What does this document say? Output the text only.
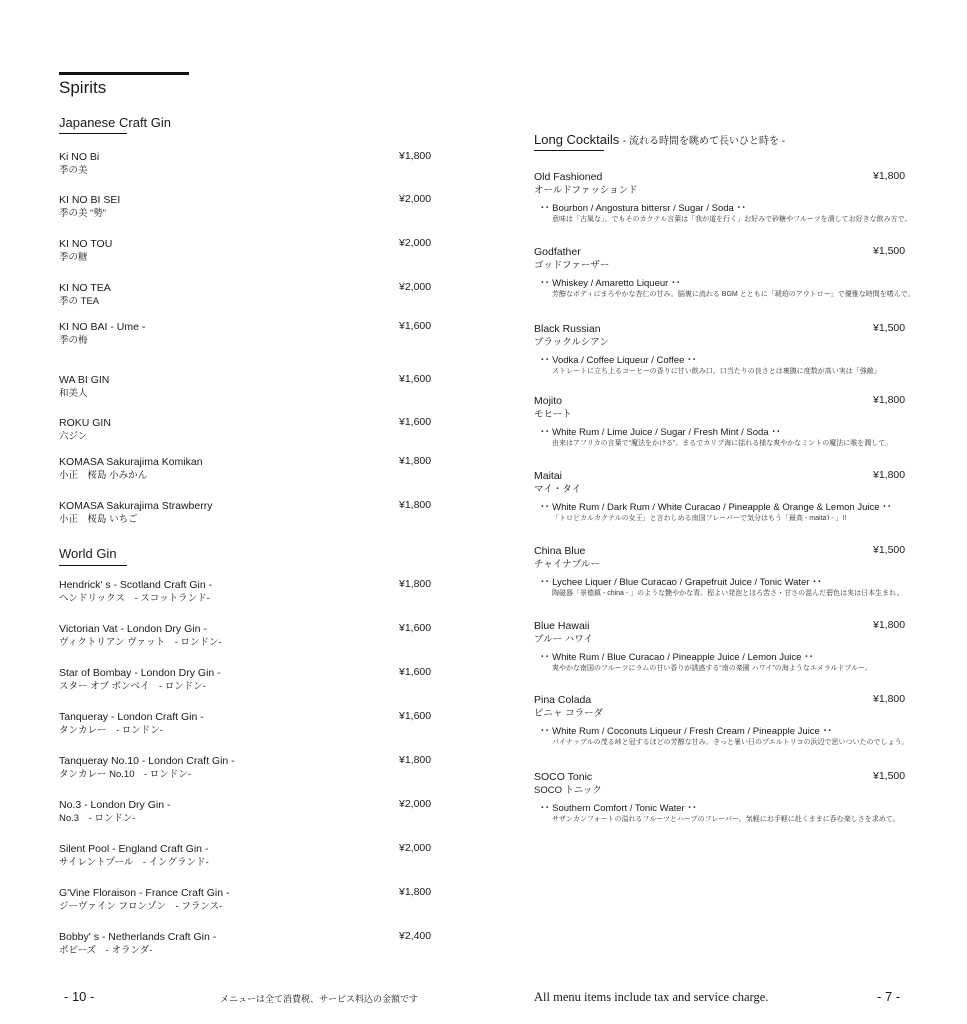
Spirits
Japanese Craft Gin
Ki NO Bi
季の美
¥1,800
KI NO BI SEI
季の美 “勢”
¥2,000
KI NO TOU
季の糖
¥2,000
KI NO TEA
季の TEA
¥2,000
KI NO BAI - Ume -
季の梅
¥1,600
WA BI GIN
和美人
¥1,600
ROKU GIN
六ジン
¥1,600
KOMASA Sakurajima Komikan
小正　桜島 小みかん
¥1,800
KOMASA Sakurajima Strawberry
小正　桜島 いちご
¥1,800
World Gin
Hendrick' s - Scotland Craft Gin -
ヘンドリックス　- スコットランド-
¥1,800
Victorian Vat - London Dry Gin -
ヴィクトリアン ヴァット　- ロンドン-
¥1,600
Star of Bombay - London Dry Gin -
スター オブ ボンベイ　- ロンドン-
¥1,600
Tanqueray - London Craft Gin -
タンカレー　- ロンドン-
¥1,600
Tanqueray No.10 - London Craft Gin -
タンカレー No.10　- ロンドン-
¥1,800
No.3 - London Dry Gin -
No.3　- ロンドン-
¥2,000
Silent Pool - England Craft Gin -
サイレントプール　- イングランド-
¥2,000
G'Vine Floraison - France Craft Gin -
ジーヴァイン フロンゾン　- フランス-
¥1,800
Bobby' s - Netherlands Craft Gin -
ボビーズ　- オランダ-
¥2,400
- 10 -	メニューは全て消費税、サービス料込の金額です
Long Cocktails - 流れる時間を眺めて長いひと時を -
Old Fashioned	¥1,800
オールドファッションド
･･ Bourbon / Angostura bittersr / Sugar / Soda ･･
意味は「古風な」。でもそのカクテル言葉は「我が道を行く」お好みで砂糖やフルーツを潰してお好きな飲み方で。
Godfather	¥1,500
ゴッドファーザー
･･ Whiskey / Amaretto Liqueur ･･
芳醇なボディにまろやかな杏仁の甘み。脳裏に流れる BGM とともに「琥珀のアウトロー」で優雅な時間を嗜んで。
Black Russian	¥1,500
ブラックルシアン
･･ Vodka / Coffee Liqueur / Coffee ･･
ストレートに立ち上るコーヒーの香りに甘い飲み口。口当たりの良さとは裏腹に度数が高い実は「強敵」
Mojito	¥1,800
モヒート
･･ White Rum / Lime Juice / Sugar / Fresh Mint / Soda ･･
由来はアフリカの言葉で“魔法をかける”。まるでカリブ海に揺れる様な爽やかなミントの魔法に喉を潤して。
Maitai	¥1,800
マイ・タイ
･･ White Rum / Dark Rum / White Curacao / Pineapple & Orange & Lemon Juice ･･
「トロピカルカクテルの女王」と言わしめる南国フレーバーで気分はもう「最高 - maita'i - 」!!
China Blue	¥1,500
チャイナブルー
･･ Lychee Liquer / Blue Curacao / Grapefruit Juice / Tonic Water ･･
陶磁器「景德鎮 - china - 」のような艶やかな青。程よい発泡とほろ苦さ・甘さの混んだ碧色は実は日本生まれ。
Blue Hawaii	¥1,800
ブルー ハワイ
･･ White Rum / Blue Curacao / Pineapple Juice / Lemon Juice ･･
爽やかな南国のフルーツにラムの甘い香りが誘惑する“南の楽園 ハワイ”の海ようなエメラルドブルー。
Pina Colada	¥1,800
ピニャ コラーダ
･･ White Rum / Coconuts Liqueur / Fresh Cream / Pineapple Juice ･･
パイナップルの茂る峠と冠するほどの芳醇な甘み。きっと暑い日のプエルトリコの浜辺で思いついたのでしょう。
SOCO Tonic	¥1,500
SOCO トニック
･･ Southern Comfort / Tonic Water ･･
サザンカンフォートの溢れるフルーツとハーブのフレーバー。気軽にお手軽に赴くままに呑む楽しさを求めて。
All menu items include tax and service charge.	- 7 -
